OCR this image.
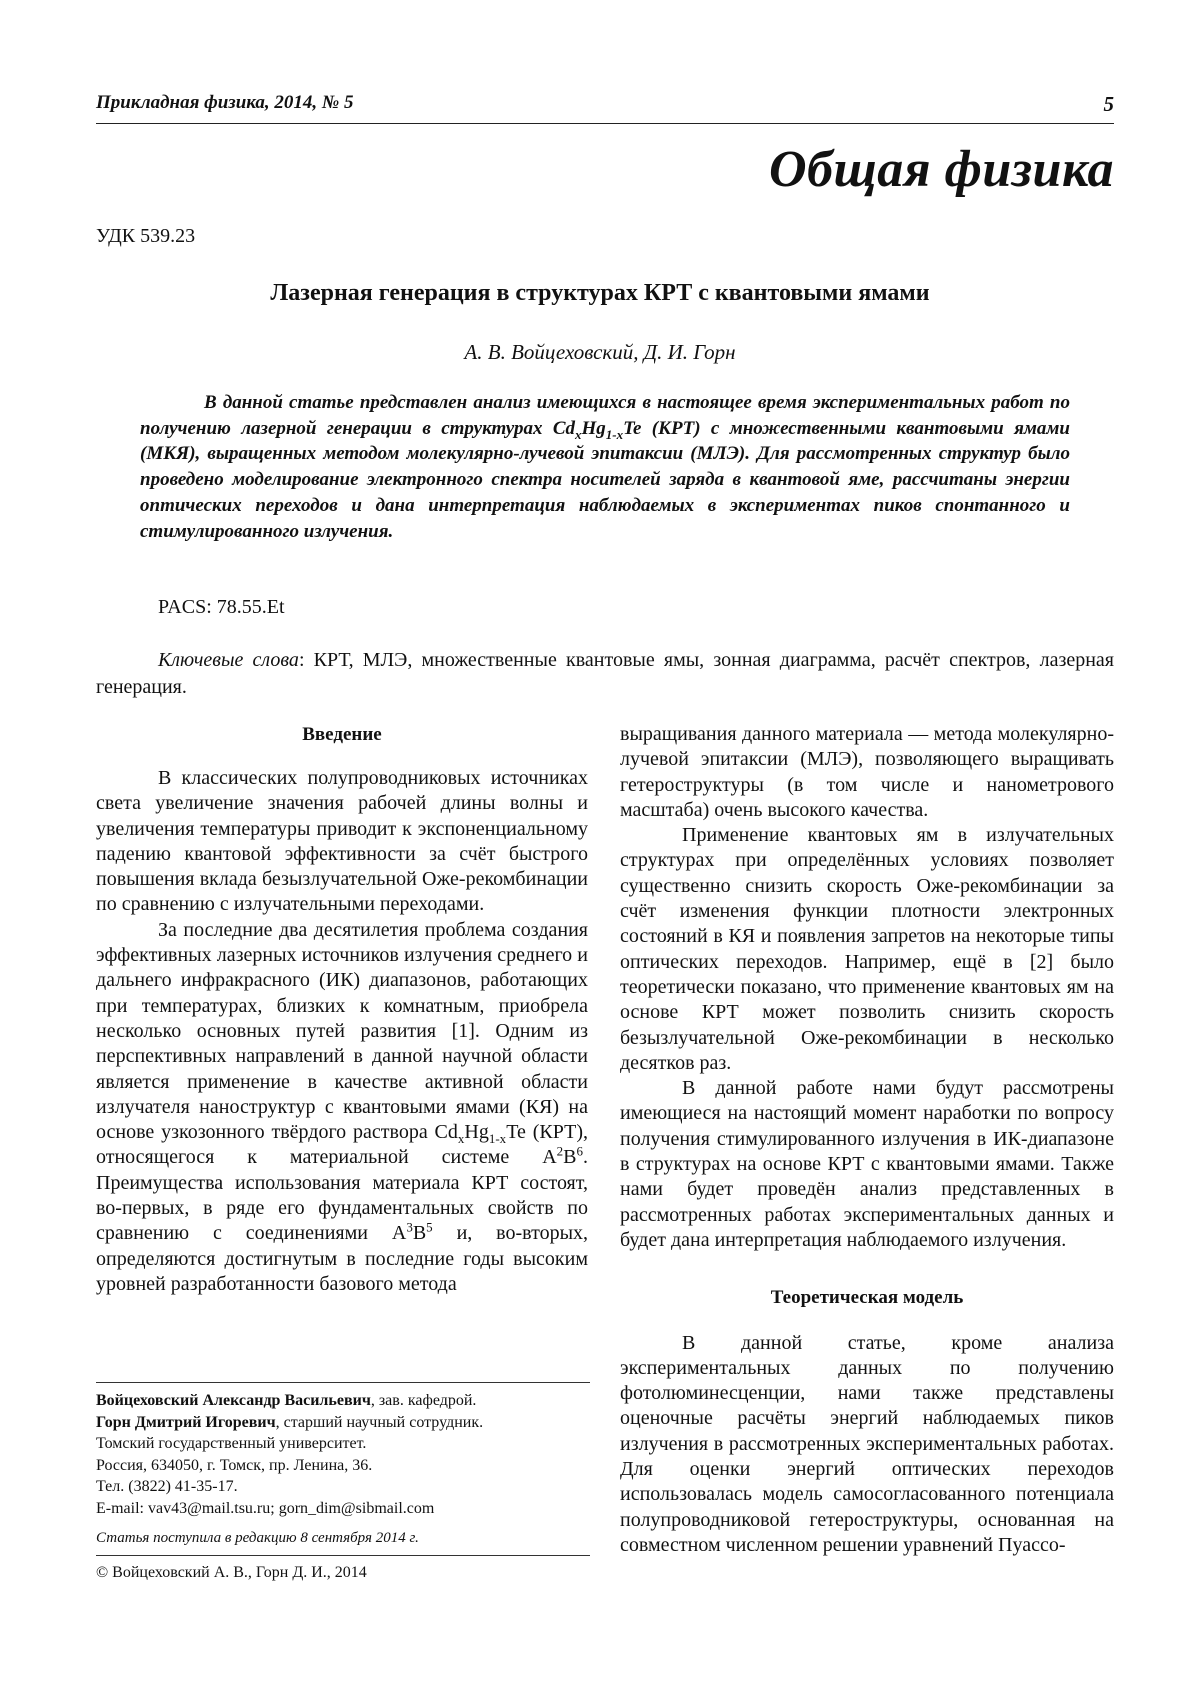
Прикладная физика, 2014, № 5	5
Общая физика
УДК 539.23
Лазерная генерация в структурах КРТ с квантовыми ямами
А. В. Войцеховский, Д. И. Горн
В данной статье представлен анализ имеющихся в настоящее время экспериментальных работ по получению лазерной генерации в структурах $Cd_xHg_{1-x}Te$ (КРТ) с множественными квантовыми ямами (МКЯ), выращенных методом молекулярно-лучевой эпитаксии (МЛЭ). Для рассмотренных структур было проведено моделирование электронного спектра носителей заряда в квантовой яме, рассчитаны энергии оптических переходов и дана интерпретация наблюдаемых в экспериментах пиков спонтанного и стимулированного излучения.
PACS: 78.55.Et
Ключевые слова: КРТ, МЛЭ, множественные квантовые ямы, зонная диаграмма, расчёт спектров, лазерная генерация.
Введение

В классических полупроводниковых источниках света увеличение значения рабочей длины волны и увеличения температуры приводит к экспоненциальному падению квантовой эффективности за счёт быстрого повышения вклада безызлучательной Оже-рекомбинации по сравнению с излучательными переходами.

За последние два десятилетия проблема создания эффективных лазерных источников излучения среднего и дальнего инфракрасного (ИК) диапазонов, работающих при температурах, близких к комнатным, приобрела несколько основных путей развития [1]. Одним из перспективных направлений в данной научной области является применение в качестве активной области излучателя наноструктур с квантовыми ямами (КЯ) на основе узкозонного твёрдого раствора $Cd_xHg_{1-x}Te$ (КРТ), относящегося к материальной системе $A^2B^6$. Преимущества использования материала КРТ состоят, во-первых, в ряде его фундаментальных свойств по сравнению с соединениями $A^3B^5$ и, во-вторых, определяются достигнутым в последние годы высоким уровней разработанности базового метода

выращивания данного материала — метода молекулярно-лучевой эпитаксии (МЛЭ), позволяющего выращивать гетероструктуры (в том числе и нанометрового масштаба) очень высокого качества.

Применение квантовых ям в излучательных структурах при определённых условиях позволяет существенно снизить скорость Оже-рекомбинации за счёт изменения функции плотности электронных состояний в КЯ и появления запретов на некоторые типы оптических переходов. Например, ещё в [2] было теоретически показано, что применение квантовых ям на основе КРТ может позволить снизить скорость безызлучательной Оже-рекомбинации в несколько десятков раз.

В данной работе нами будут рассмотрены имеющиеся на настоящий момент наработки по вопросу получения стимулированного излучения в ИК-диапазоне в структурах на основе КРТ с квантовыми ямами. Также нами будет проведён анализ представленных в рассмотренных работах экспериментальных данных и будет дана интерпретация наблюдаемого излучения.

Теоретическая модель

В данной статье, кроме анализа экспериментальных данных по получению фотолюминесценции, нами также представлены оценочные расчёты энергий наблюдаемых пиков излучения в рассмотренных экспериментальных работах. Для оценки энергий оптических переходов использовалась модель самосогласованного потенциала полупроводниковой гетероструктуры, основанная на совместном численном решении уравнений Пуассо-

Войцеховский Александр Васильевич, зав. кафедрой.
Горн Дмитрий Игоревич, старший научный сотрудник.
Томский государственный университет.
Россия, 634050, г. Томск, пр. Ленина, 36.
Тел. (3822) 41-35-17.
E-mail: vav43@mail.tsu.ru; gorn_dim@sibmail.com
Статья поступила в редакцию 8 сентября 2014 г.
© Войцеховский А. В., Горн Д. И., 2014
